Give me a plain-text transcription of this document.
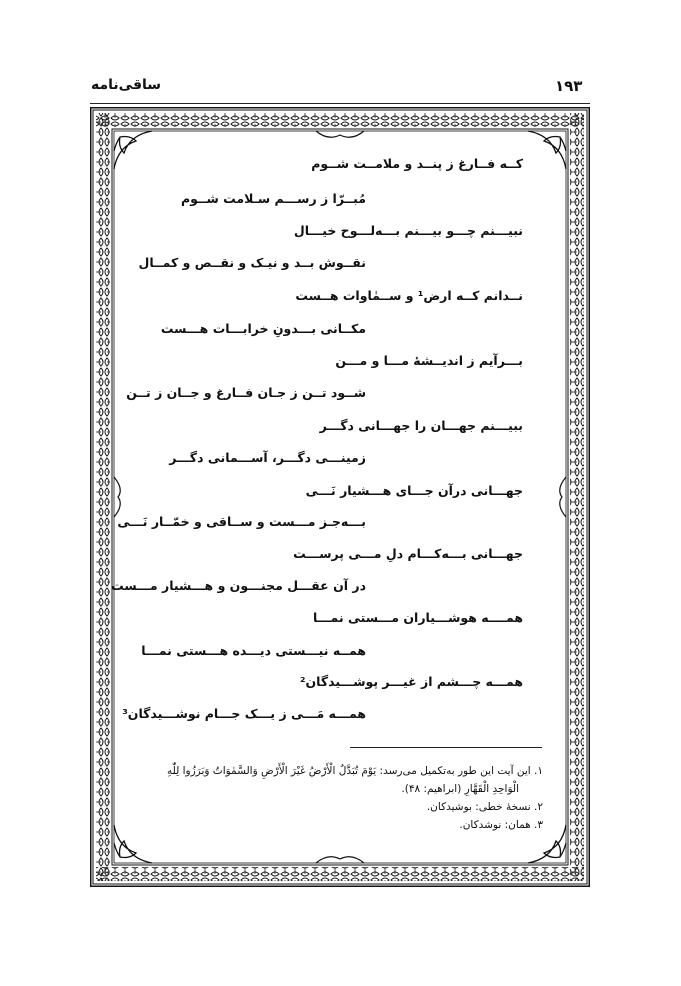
۱۹۳
ساقی‌نامه
کــه فــارغ ز پنــد و ملامــت شــوم
مُبــرّا ز رســـم سـلامت شــوم
نبیـــنم چـــو بیـــنم بـــه‌لـــوح خیـــال
نقــوش بــد و نیـک و نقــص و کمــال
نــدانم کــه ارض¹ و ســمٰاوات هــست
مکــانی بـــدونِ خرابـــات هـــست
بـــرآیم ز اندیــشهٔ مـــا و مـــن
شــود تــن ز جـان فــارغ و جــان ز تــن
ببیـــنم جهـــان را جهـــانی دگـــر
زمینـــی دگـــر، آســـمانی دگـــر
جهـــانی درآن جـــای هـــشیار نَـــی
بـــه‌جـز مـــست و ســاقی و خمّــار نَـــی
جهـــانی بـــه‌کـــام دلِ مـــی پرســـت
در آن عقـــل مجنـــون و هـــشیار مـــست
همــــه هوشـــیاران مـــستی نمـــا
همــه نیـــستی دیـــده هـــستی نمـــا
همـــه چـــشم از غیـــر پوشـــیدگان²
همـــه مَـــی ز یـــک جـــام نوشـــیدگان³
۱. این آیت این طور به‌تکمیل می‌رسد: يَوْمَ تُبَدَّلُ الْأَرْضُ غَيْرَ الْأَرْضِ وَالسَّمٰوَاتُ وَبَرَزُوا لِلّٰهِ
الْوَاحِدِ الْقَهَّارِ (ابراهیم: ۴۸).
۲. نسخهٔ خطی: بوشیدکان.
۳. همان: نوشدکان.
